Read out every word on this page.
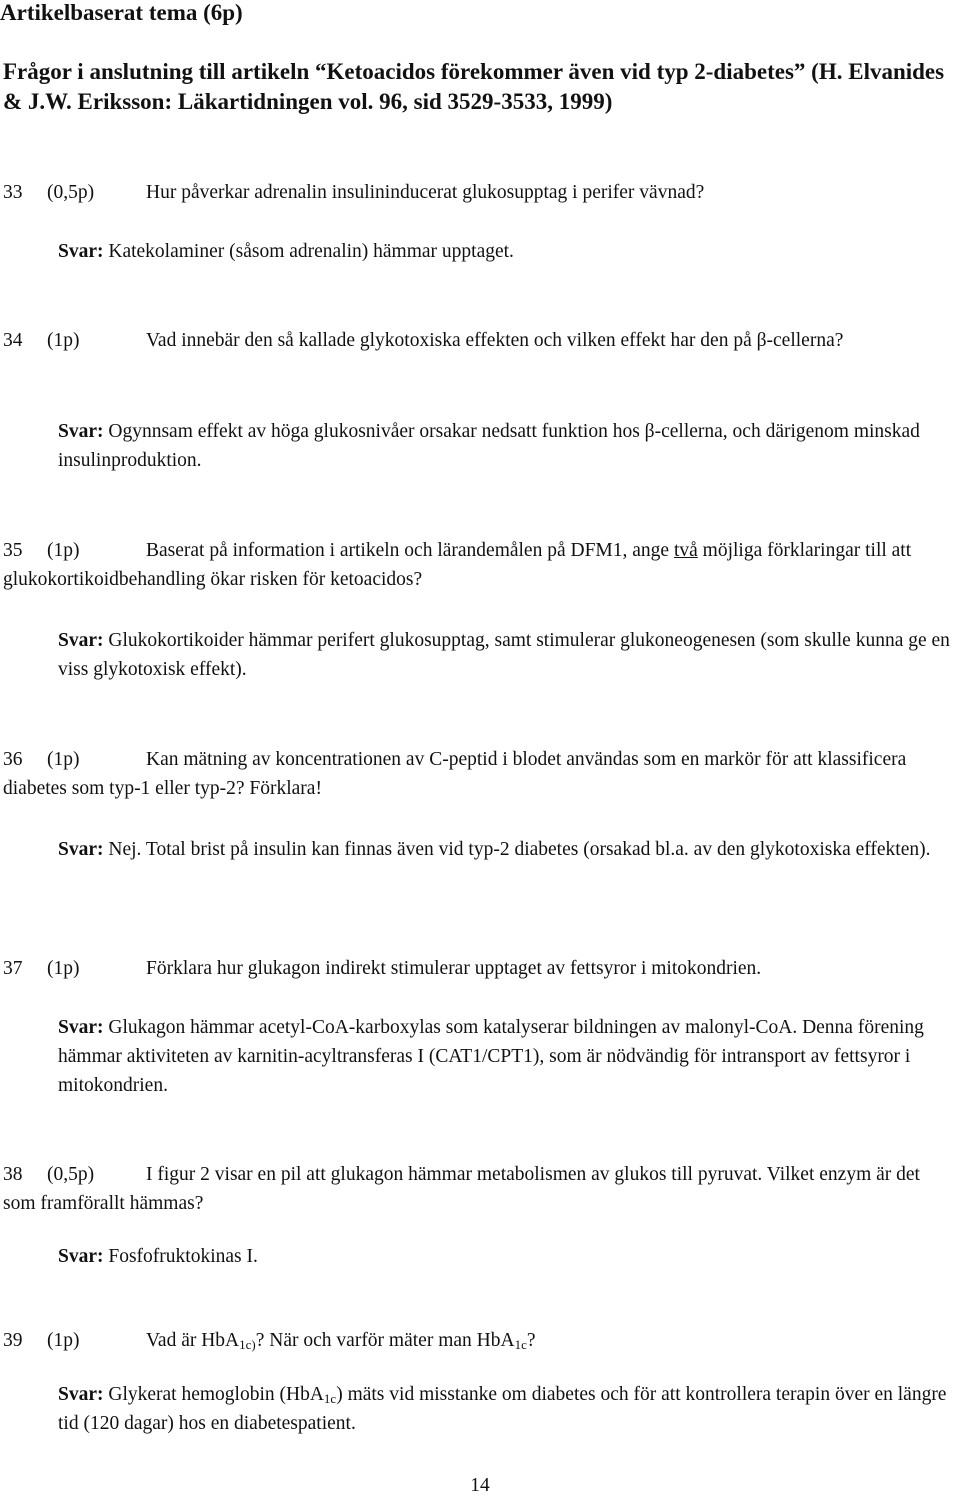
Artikelbaserat tema (6p)
Frågor i anslutning till artikeln “Ketoacidos förekommer även vid typ 2-diabetes” (H. Elvanides & J.W. Eriksson: Läkartidningen vol. 96, sid 3529-3533, 1999)
33 (0,5p)	Hur påverkar adrenalin insulininducerat glukosupptag i perifer vävnad?
Svar: Katekolaminer (såsom adrenalin) hämmar upptaget.
34 (1p)	Vad innebär den så kallade glykotoxiska effekten och vilken effekt har den på β-cellerna?
Svar: Ogynnsam effekt av höga glukosnivåer orsakar nedsatt funktion hos β-cellerna, och därigenom minskad insulinproduktion.
35 (1p)	Baserat på information i artikeln och lärandemålen på DFM1, ange två möjliga förklaringar till att glukokortikoidbehandling ökar risken för ketoacidos?
Svar: Glukokortikoider hämmar perifert glukosupptag, samt stimulerar glukoneogenesen (som skulle kunna ge en viss glykotoxisk effekt).
36 (1p)	Kan mätning av koncentrationen av C-peptid i blodet användas som en markör för att klassificera diabetes som typ-1 eller typ-2? Förklara!
Svar: Nej. Total brist på insulin kan finnas även vid typ-2 diabetes (orsakad bl.a. av den glykotoxiska effekten).
37 (1p)	Förklara hur glukagon indirekt stimulerar upptaget av fettsyror i mitokondrien.
Svar: Glukagon hämmar acetyl-CoA-karboxylas som katalyserar bildningen av malonyl-CoA. Denna förening hämmar aktiviteten av karnitin-acyltransferas I (CAT1/CPT1), som är nödvändig för intransport av fettsyror i mitokondrien.
38 (0,5p)	I figur 2 visar en pil att glukagon hämmar metabolismen av glukos till pyruvat. Vilket enzym är det som framförallt hämmas?
Svar: Fosfofruktokinas I.
39 (1p)	Vad är HbA$_{1c)}$? När och varför mäter man HbA$_{1c}$?
Svar: Glykerat hemoglobin (HbA$_{1c}$) mäts vid misstanke om diabetes och för att kontrollera terapin över en längre tid (120 dagar) hos en diabetespatient.
14
